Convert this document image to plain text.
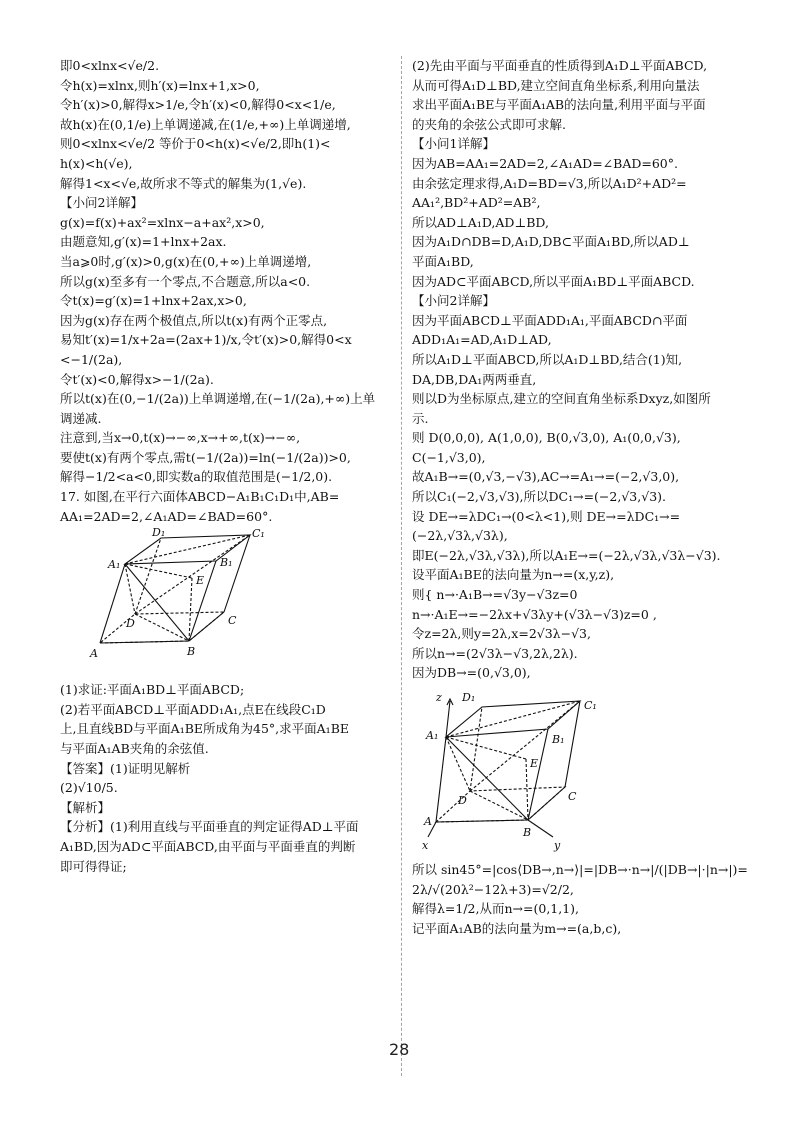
即0<xlnx<√e/2.
令h(x)=xlnx,则h′(x)=lnx+1,x>0,
令h′(x)>0,解得x>1/e,令h′(x)<0,解得0<x<1/e,
故h(x)在(0,1/e)上单调递减,在(1/e,+∞)上单调递增,
则0<xlnx<√e/2 等价于0<h(x)<√e/2,即h(1)<
h(x)<h(√e),
解得1<x<√e,故所求不等式的解集为(1,√e).
【小问2详解】
g(x)=f(x)+ax²=xlnx−a+ax²,x>0,
由题意知,g′(x)=1+lnx+2ax.
当a⩾0时,g′(x)>0,g(x)在(0,+∞)上单调递增,
所以g(x)至多有一个零点,不合题意,所以a<0.
令t(x)=g′(x)=1+lnx+2ax,x>0,
因为g(x)存在两个极值点,所以t(x)有两个正零点,
易知t′(x)=1/x+2a=(2ax+1)/x,令t′(x)>0,解得0<x
<−1/(2a),
令t′(x)<0,解得x>−1/(2a).
所以t(x)在(0,−1/(2a))上单调递增,在(−1/(2a),+∞)上单
调递减.
注意到,当x→0,t(x)→−∞,x→+∞,t(x)→−∞,
要使t(x)有两个零点,需t(−1/(2a))=ln(−1/(2a))>0,
解得−1/2<a<0,即实数a的取值范围是(−1/2,0).
17. 如图,在平行六面体ABCD−A₁B₁C₁D₁中,AB=
AA₁=2AD=2,∠A₁AD=∠BAD=60°.
A	B
C
D
A₁	B₁
C₁
D₁
E
(1)求证:平面A₁BD⊥平面ABCD;
(2)若平面ABCD⊥平面ADD₁A₁,点E在线段C₁D
上,且直线BD与平面A₁BE所成角为45°,求平面A₁BE
与平面A₁AB夹角的余弦值.
【答案】(1)证明见解析
(2)√10/5.
【解析】
【分析】(1)利用直线与平面垂直的判定证得AD⊥平面
A₁BD,因为AD⊂平面ABCD,由平面与平面垂直的判断
即可得得证;
(2)先由平面与平面垂直的性质得到A₁D⊥平面ABCD,
从而可得A₁D⊥BD,建立空间直角坐标系,利用向量法
求出平面A₁BE与平面A₁AB的法向量,利用平面与平面
的夹角的余弦公式即可求解.
【小问1详解】
因为AB=AA₁=2AD=2,∠A₁AD=∠BAD=60°.
由余弦定理求得,A₁D=BD=√3,所以A₁D²+AD²=
AA₁²,BD²+AD²=AB²,
所以AD⊥A₁D,AD⊥BD,
因为A₁D∩DB=D,A₁D,DB⊂平面A₁BD,所以AD⊥
平面A₁BD,
因为AD⊂平面ABCD,所以平面A₁BD⊥平面ABCD.
【小问2详解】
因为平面ABCD⊥平面ADD₁A₁,平面ABCD∩平面
ADD₁A₁=AD,A₁D⊥AD,
所以A₁D⊥平面ABCD,所以A₁D⊥BD,结合(1)知,
DA,DB,DA₁两两垂直,
则以D为坐标原点,建立的空间直角坐标系Dxyz,如图所
示.
则 D(0,0,0), A(1,0,0), B(0,√3,0), A₁(0,0,√3),
C(−1,√3,0),
故A₁B→=(0,√3,−√3),AC→=A₁→=(−2,√3,0),
所以C₁(−2,√3,√3),所以DC₁→=(−2,√3,√3).
设 DE→=λDC₁→(0<λ<1),则 DE→=λDC₁→=
(−2λ,√3λ,√3λ),
即E(−2λ,√3λ,√3λ),所以A₁E→=(−2λ,√3λ,√3λ−√3).
设平面A₁BE的法向量为n→=(x,y,z),
则{ n→·A₁B→=√3y−√3z=0
n→·A₁E→=−2λx+√3λy+(√3λ−√3)z=0 ,
令z=2λ,则y=2λ,x=2√3λ−√3,
所以n→=(2√3λ−√3,2λ,2λ).
因为DB→=(0,√3,0),
z
x	y
A
B
C
D
A₁	B₁
C₁
D₁
E
所以 sin45°=|cos⟨DB→,n→⟩|=|DB→·n→|/(|DB→|·|n→|)=
2λ/√(20λ²−12λ+3)=√2/2,
解得λ=1/2,从而n→=(0,1,1),
记平面A₁AB的法向量为m→=(a,b,c),
28
